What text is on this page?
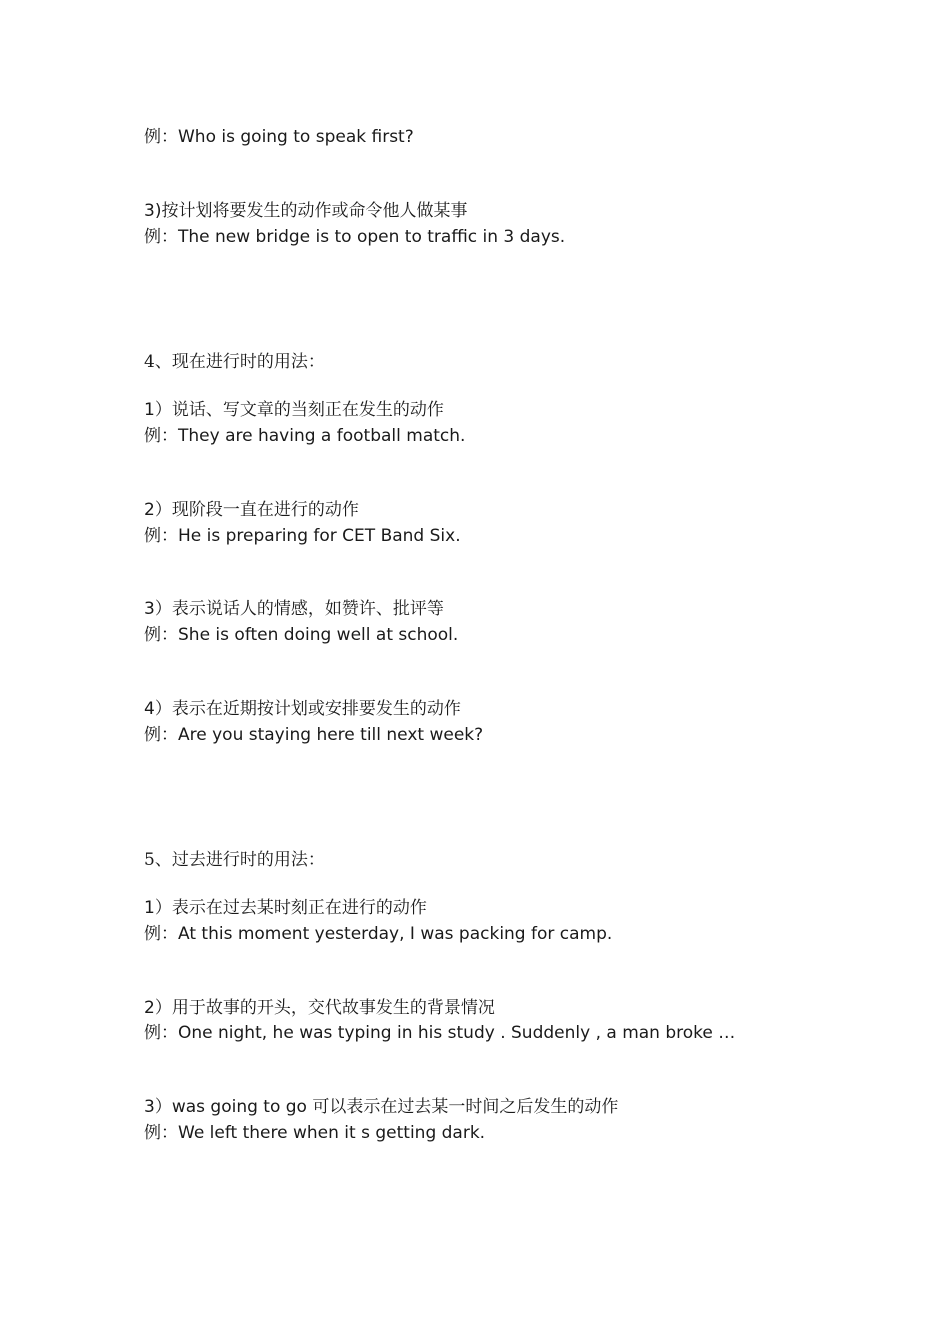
例：Who is going to speak first?
3)按计划将要发生的动作或命令他人做某事
例：The new bridge is to open to traffic in 3 days.
4、现在进行时的用法：
1）说话、写文章的当刻正在发生的动作
例：They are having a football match.
2）现阶段一直在进行的动作
例：He is preparing for CET Band Six.
3）表示说话人的情感，如赞许、批评等
例：She is often doing well at school.
4）表示在近期按计划或安排要发生的动作
例：Are you staying here till next week?
5、过去进行时的用法：
1）表示在过去某时刻正在进行的动作
例：At this moment yesterday, I was packing for camp.
2）用于故事的开头，交代故事发生的背景情况
例：One night, he was typing in his study . Suddenly , a man broke …
3）was going to go 可以表示在过去某一时间之后发生的动作
例：We left there when it s getting dark.
